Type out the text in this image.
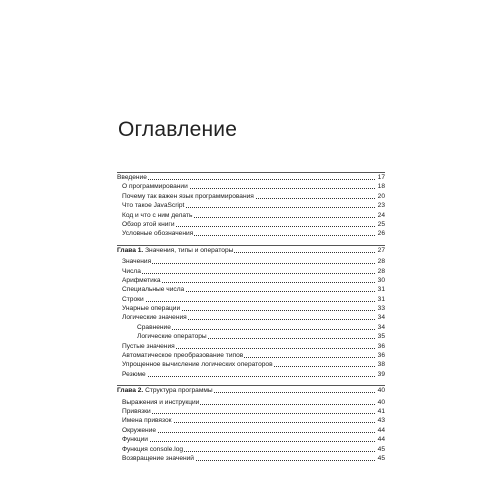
Оглавление
Введение	17
О программировании	18
Почему так важен язык программирования	20
Что такое JavaScript	23
Код и что с ним делать	24
Обзор этой книги	25
Условные обозначения	26
Глава 1. Значения, типы и операторы	27
Значения	28
Числа	28
Арифметика	30
Специальные числа	31
Строки	31
Унарные операции	33
Логические значения	34
Сравнение	34
Логические операторы	35
Пустые значения	36
Автоматическое преобразование типов	36
Упрощенное вычисление логических операторов	38
Резюме	39
Глава 2. Структура программы	40
Выражения и инструкции	40
Привязки	41
Имена привязок	43
Окружение	44
Функции	44
Функция console.log	45
Возвращение значений	45
